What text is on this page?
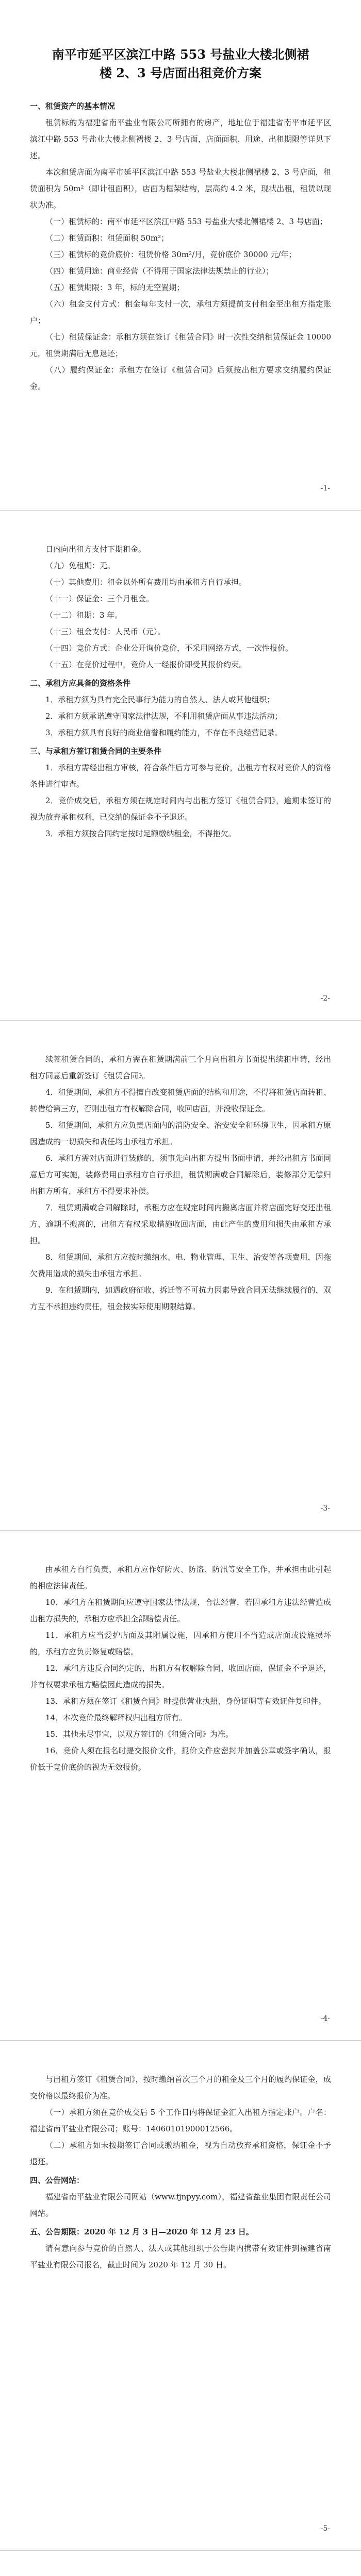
南平市延平区滨江中路 553 号盐业大楼北侧裙楼 2、3 号店面出租竞价方案
一、租赁资产的基本情况

租赁标的为福建省南平盐业有限公司所拥有的房产，地址位于福建省南平市延平区滨江中路 553 号盐业大楼北侧裙楼 2、3 号店面，店面面积、用途、出租期限等详见下述。

本次租赁店面为南平市延平区滨江中路 553 号盐业大楼北侧裙楼 2、3 号店面，租赁面积为 50m²（即计租面积），店面为框架结构，层高约 4.2 米，现状出租，租赁以现状为准。

（一）租赁标的：南平市延平区滨江中路 553 号盐业大楼北侧裙楼 2、3 号店面；

（二）租赁面积：租赁面积 50m²；

（三）租赁标的竞价底价：租赁价格 30m²/月，竞价底价 30000 元/年；

（四）租赁用途：商业经营（不得用于国家法律法规禁止的行业）；

（五）租赁期限：3 年，标的无空置期；

（六）租金支付方式：租金每年支付一次，承租方须提前支付租金至出租方指定账户；

（七）租赁保证金：承租方须在签订《租赁合同》时一次性交纳租赁保证金 10000 元，租赁期满后无息退还；

（八）履约保证金：承租方在签订《租赁合同》后须按出租方要求交纳履约保证金。

-1-

日内向出租方支付下期租金。

（九）免租期：无。

（十）其他费用：租金以外所有费用均由承租方自行承担。

（十一）保证金：三个月租金。

（十二）租期：3 年。

（十三）租金支付：人民币（元）。

（十四）竞价方式：企业公开询价竞价，不采用网络方式，一次性报价。

（十五）在竞价过程中，竞价人一经报价即受其报价约束。

二、承租方应具备的资格条件

1．承租方须为具有完全民事行为能力的自然人、法人或其他组织；

2．承租方须承诺遵守国家法律法规，不利用租赁店面从事违法活动；

3．承租方须具有良好的商业信誉和履约能力，不存在不良经营记录。

三、与承租方签订租赁合同的主要条件

1．承租方需经出租方审核，符合条件后方可参与竞价，出租方有权对竞价人的资格条件进行审查。

2．竞价成交后，承租方须在规定时间内与出租方签订《租赁合同》，逾期未签订的视为放弃承租权利，已交纳的保证金不予退还。

3．承租方须按合同约定按时足额缴纳租金，不得拖欠。

-2-

续签租赁合同的，承租方需在租赁期满前三个月向出租方书面提出续租申请，经出租方同意后重新签订《租赁合同》。

4．租赁期间，承租方不得擅自改变租赁店面的结构和用途，不得将租赁店面转租、转借给第三方，否则出租方有权解除合同，收回店面，并没收保证金。

5．租赁期间，承租方应负责店面内的消防安全、治安安全和环境卫生，因承租方原因造成的一切损失和责任均由承租方承担。

6．承租方需对店面进行装修的，须事先向出租方提出书面申请，并经出租方书面同意后方可实施，装修费用由承租方自行承担，租赁期满或合同解除后，装修部分无偿归出租方所有，承租方不得要求补偿。

7．租赁期满或合同解除时，承租方应在规定时间内搬离店面并将店面完好交还出租方，逾期不搬离的，出租方有权采取措施收回店面，由此产生的费用和损失由承租方承担。

8．租赁期间，承租方应按时缴纳水、电、物业管理、卫生、治安等各项费用，因拖欠费用造成的损失由承租方承担。

9．在租赁期内，如遇政府征收、拆迁等不可抗力因素导致合同无法继续履行的，双方互不承担违约责任，租金按实际使用期限结算。

-3-

由承租方自行负责，承租方应作好防火、防盗、防汛等安全工作，并承担由此引起的相应法律责任。

10．承租方在租赁期间应遵守国家法律法规，合法经营，若因承租方违法经营造成出租方损失的，承租方应承担全部赔偿责任。

11．承租方应当爱护店面及其附属设施，因承租方使用不当造成店面或设施损坏的，承租方应负责修复或赔偿。

12．承租方违反合同约定的，出租方有权解除合同，收回店面，保证金不予退还，并有权要求承租方赔偿因此造成的损失。

13．承租方须在签订《租赁合同》时提供营业执照、身份证明等有效证件复印件。

14．本次竞价最终解释权归出租方所有。

15．其他未尽事宜，以双方签订的《租赁合同》为准。

16．竞价人须在报名时提交报价文件，报价文件应密封并加盖公章或签字确认，报价低于竞价底价的视为无效报价。

-4-

与出租方签订《租赁合同》，按时缴纳首次三个月的租金及三个月的履约保证金，成交价格以最终报价为准。

（一）承租方须在竞价成交后 5 个工作日内将保证金汇入出租方指定账户。户名：福建省南平盐业有限公司；账号：14060101900012566。

（二）承租方如未按期签订合同或缴纳租金，视为自动放弃承租资格，保证金不予退还。

四、公告网站：

福建省南平盐业有限公司网站（www.fjnpyy.com），福建省盐业集团有限责任公司网站。

五、公告期限：2020 年 12 月 3 日—2020 年 12 月 23 日。

请有意向参与竞价的自然人、法人或其他组织于公告期内携带有效证件到福建省南平盐业有限公司报名，截止时间为 2020 年 12 月 30 日。

-5-
